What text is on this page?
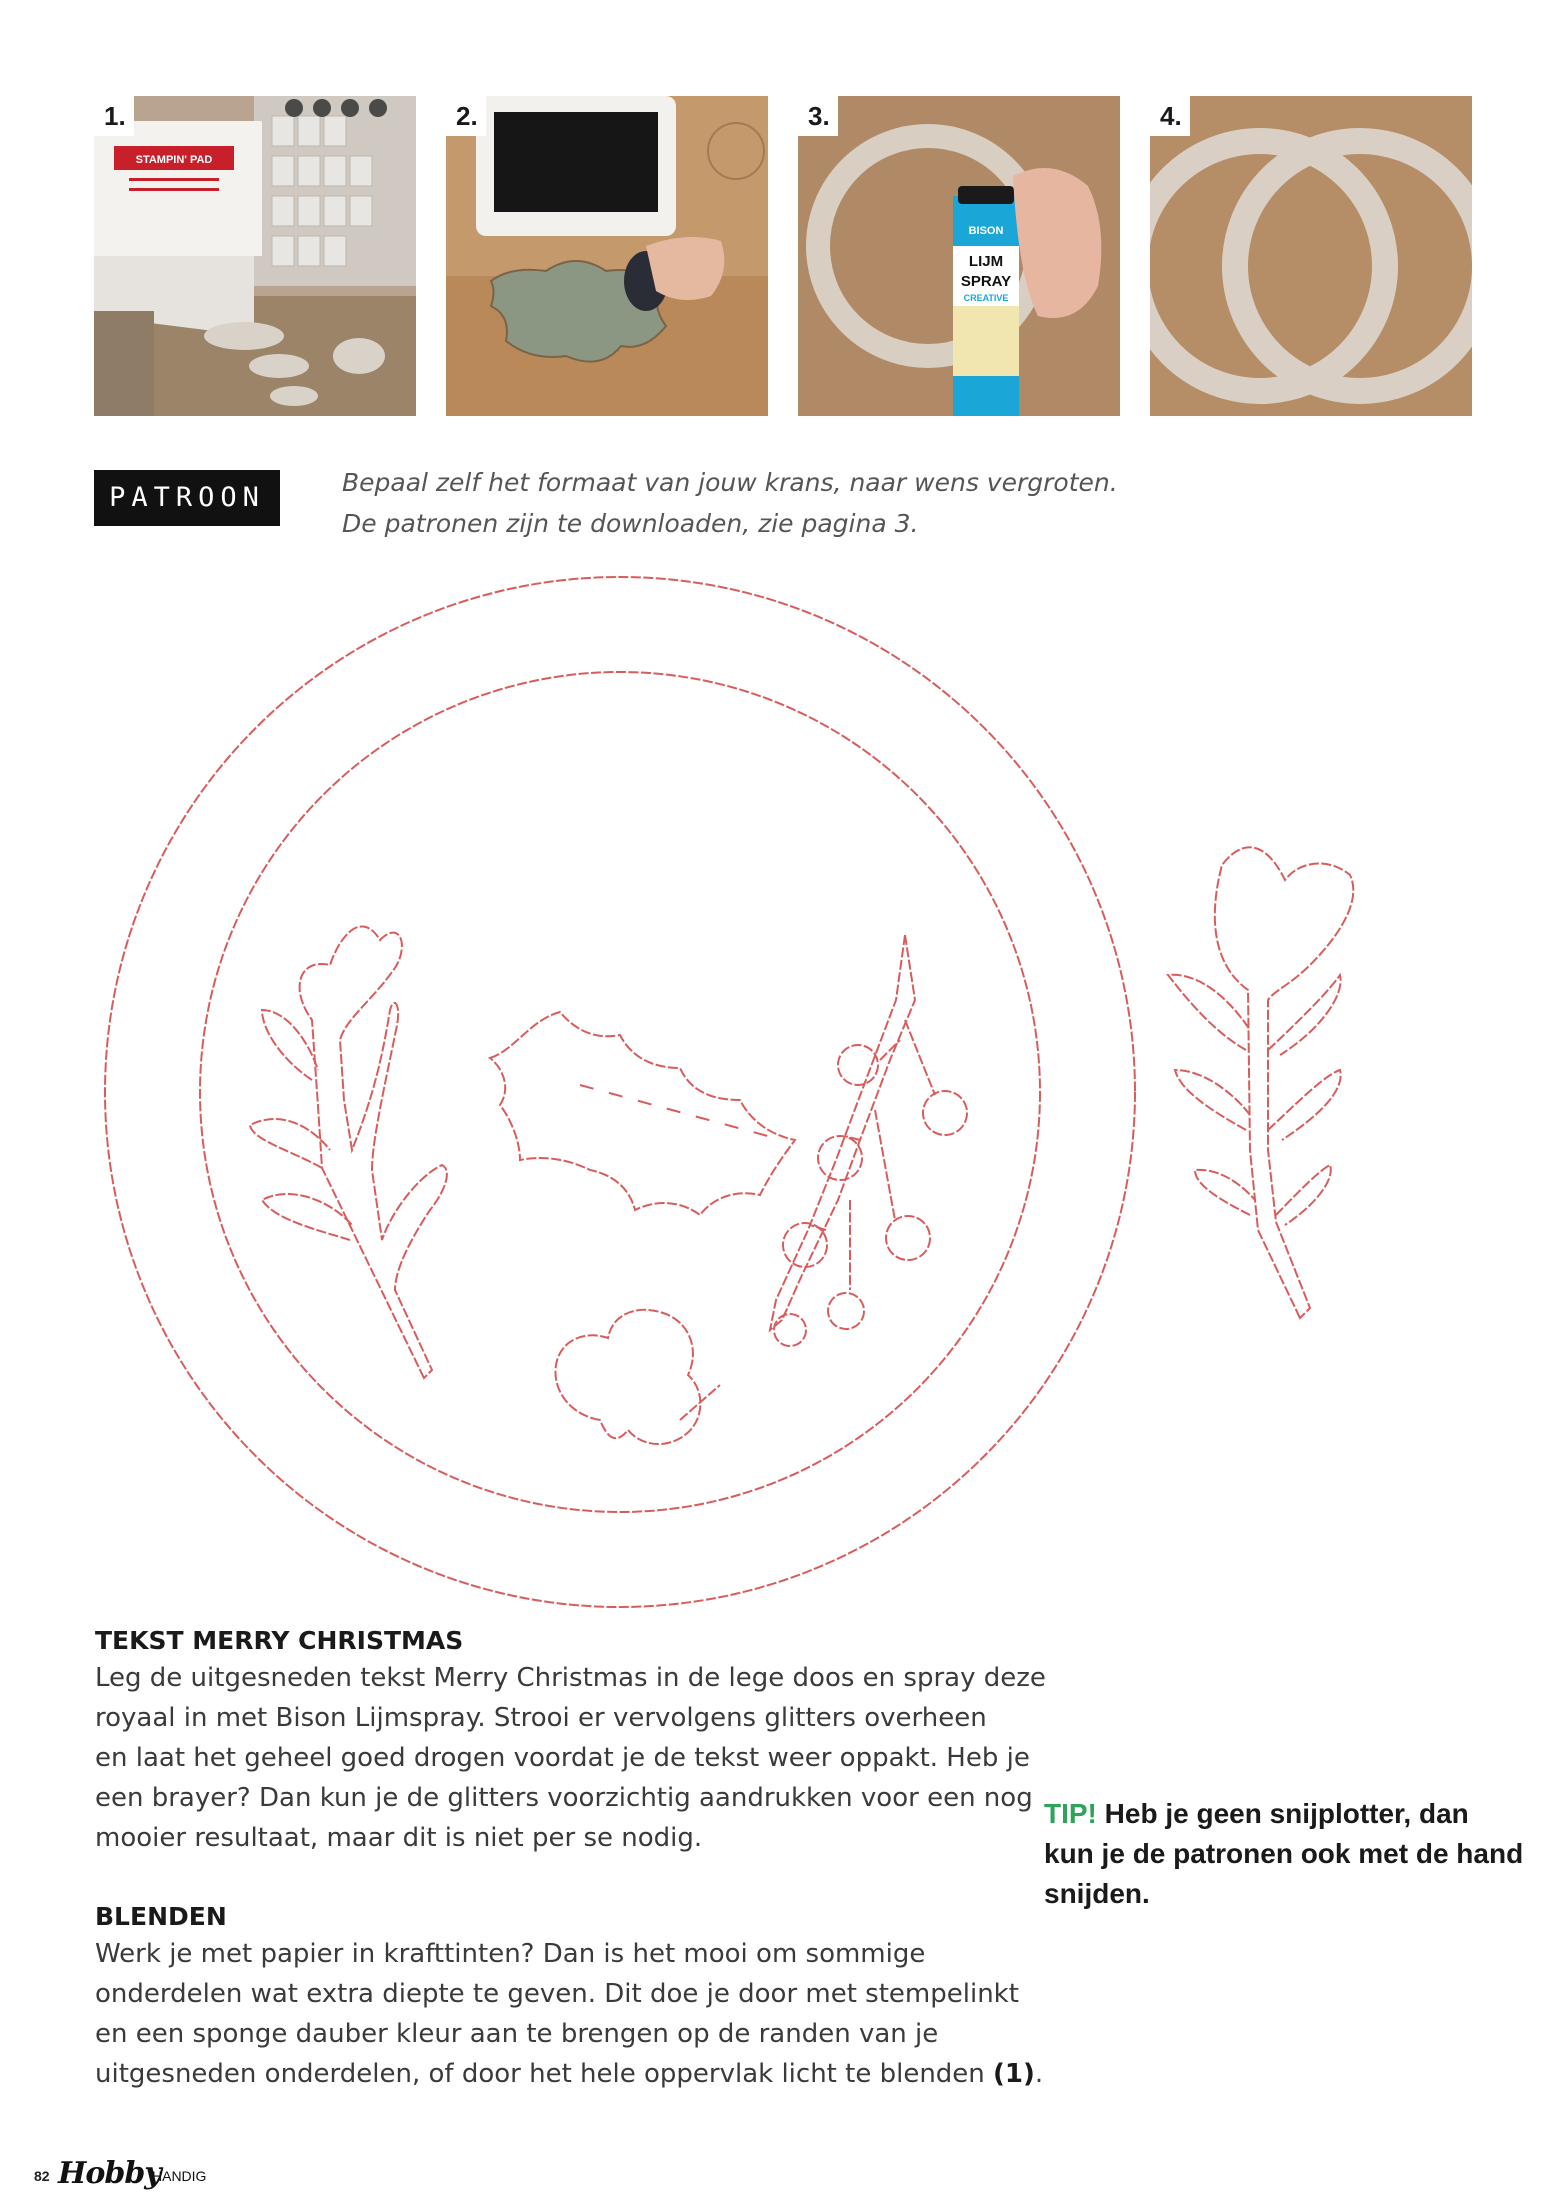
STAMPIN' PAD
1.	2.
BISON
LIJM
SPRAY
CREATIVE
3.	4.
PATROON	Bepaal zelf het formaat van jouw krans, naar wens vergroten.

De patronen zijn te downloaden, zie pagina 3.

TEKST MERRY CHRISTMAS

Leg de uitgesneden tekst Merry Christmas in de lege doos en spray deze

royaal in met Bison Lijmspray. Strooi er vervolgens glitters overheen

en laat het geheel goed drogen voordat je de tekst weer oppakt. Heb je

een brayer? Dan kun je de glitters voorzichtig aandrukken voor een nog

mooier resultaat, maar dit is niet per se nodig.

BLENDEN

Werk je met papier in krafttinten? Dan is het mooi om sommige

onderdelen wat extra diepte te geven. Dit doe je door met stempelinkt

en een sponge dauber kleur aan te brengen op de randen van je

uitgesneden onderdelen, of door het hele oppervlak licht te blenden (1).

TIP! Heb je geen snijplotter, dan

kun je de patronen ook met de hand

snijden.

82 Hobby
HANDIG
